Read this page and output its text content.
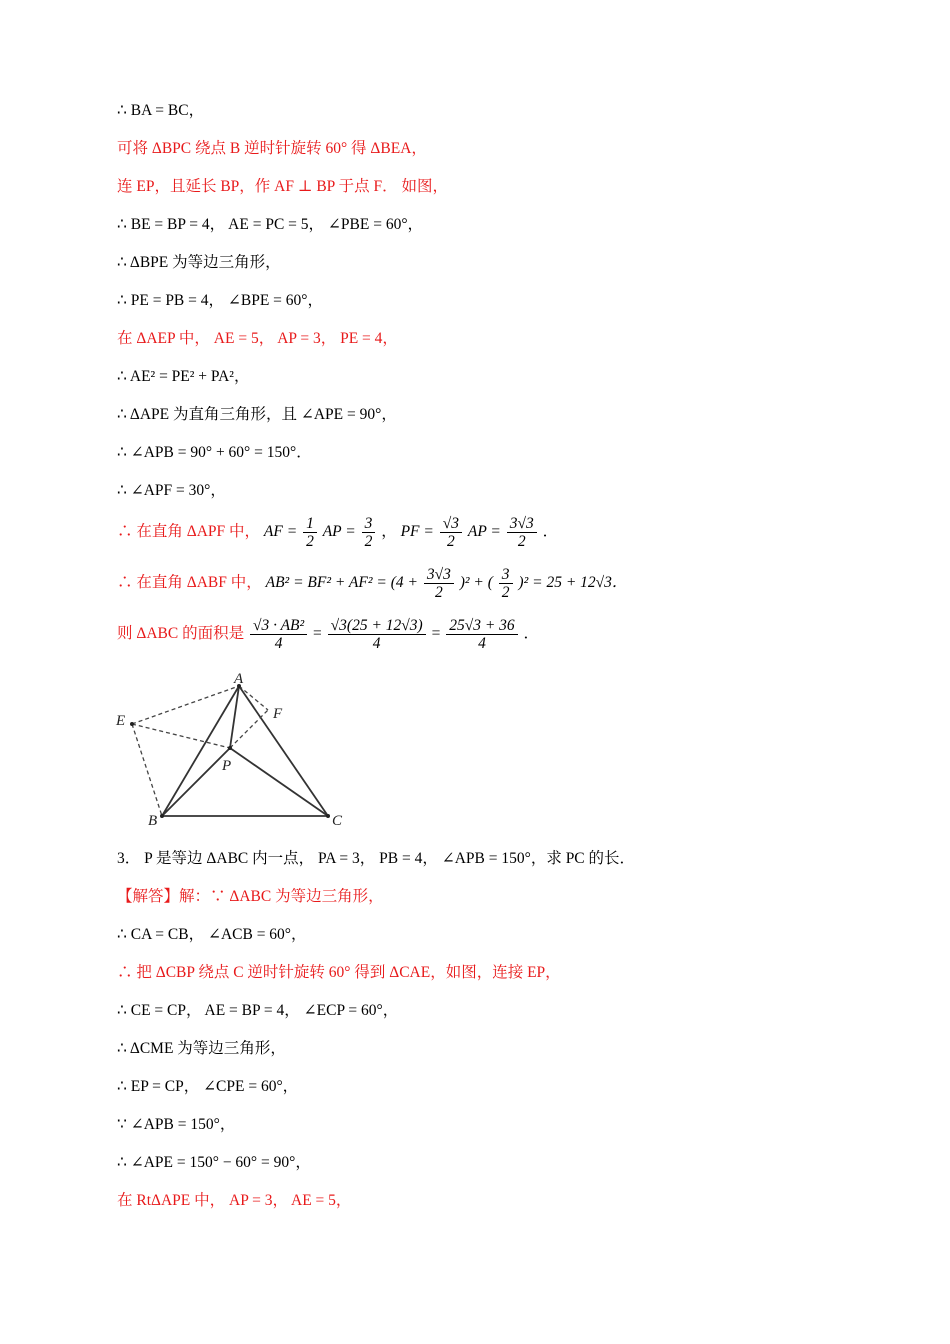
∴ BA = BC，
可将 ΔBPC 绕点 B 逆时针旋转 60° 得 ΔBEA，
连 EP，且延长 BP，作 AF ⊥ BP 于点 F． 如图，
∴ BE = BP = 4， AE = PC = 5， ∠PBE = 60°，
∴ ΔBPE 为等边三角形，
∴ PE = PB = 4， ∠BPE = 60°，
在 ΔAEP 中， AE = 5， AP = 3， PE = 4，
∴ AE² = PE² + PA²，
∴ ΔAPE 为直角三角形，且 ∠APE = 90°，
∴ ∠APB = 90° + 60° = 150°．
∴ ∠APF = 30°，
∴ 在直角 ΔAPF 中， AF = $\frac{1}{2}$ AP = $\frac{3}{2}$ ， PF = $\frac{√3}{2}$ AP = $\frac{3√3}{2}$ ．
∴ 在直角 ΔABF 中， $AB^2 = BF^2 + AF^2 = (4 + \frac{3√3}{2} )^2$ + ( $\frac{3}{2} )^2 = 25 + 12√3$．
则 ΔABC 的面积是 $\frac{\text{√3 · AB²}}{4} = \frac{√3(25 + 12√3)}{4} = \frac{25√3 + 36}{4}$ ．
A
B	C
E	F
P
3． P 是等边 ΔABC 内一点， PA = 3， PB = 4， ∠APB = 150°，求 PC 的长．
【解答】解：∵ ΔABC 为等边三角形，
∴ CA = CB， ∠ACB = 60°，
∴ 把 ΔCBP 绕点 C 逆时针旋转 60° 得到 ΔCAE，如图，连接 EP，
∴ CE = CP， AE = BP = 4， ∠ECP = 60°，
∴ ΔCME 为等边三角形，
∴ EP = CP， ∠CPE = 60°，
∵ ∠APB = 150°，
∴ ∠APE = 150° − 60° = 90°，
在 RtΔAPE 中， AP = 3， AE = 5，
